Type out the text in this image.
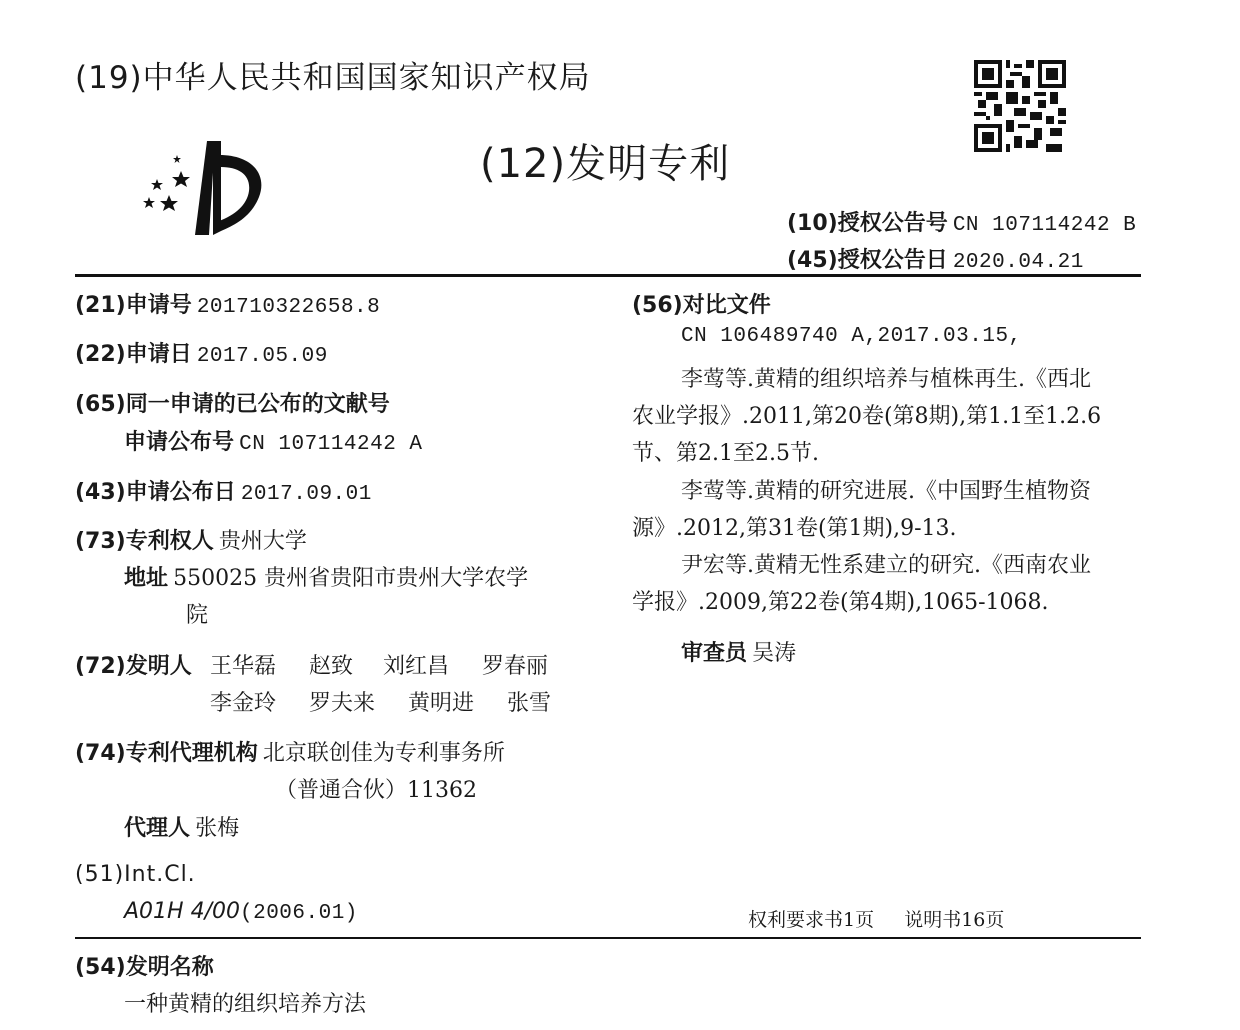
(19)中华人民共和国国家知识产权局
(12)发明专利
(10)授权公告号 CN 107114242 B
(45)授权公告日 2020.04.21
(21)申请号 201710322658.8
(22)申请日 2017.05.09
(65)同一申请的已公布的文献号
申请公布号 CN 107114242 A
(43)申请公布日 2017.09.01
(73)专利权人 贵州大学
地址 550025 贵州省贵阳市贵州大学农学
院
(72)发明人 王华磊 赵致 刘红昌 罗春丽
李金玲 罗夫来 黄明进 张雪
(74)专利代理机构 北京联创佳为专利事务所
（普通合伙）11362
代理人 张梅
(51)Int.Cl.
A01H 4/00(2006.01)
(56)对比文件
CN 106489740 A,2017.03.15,
李莺等.黄精的组织培养与植株再生.《西北
农业学报》.2011,第20卷(第8期),第1.1至1.2.6
节、第2.1至2.5节.
李莺等.黄精的研究进展.《中国野生植物资
源》.2012,第31卷(第1期),9-13.
尹宏等.黄精无性系建立的研究.《西南农业
学报》.2009,第22卷(第4期),1065-1068.
审查员 吴涛
权利要求书1页 说明书16页
(54)发明名称
一种黄精的组织培养方法
